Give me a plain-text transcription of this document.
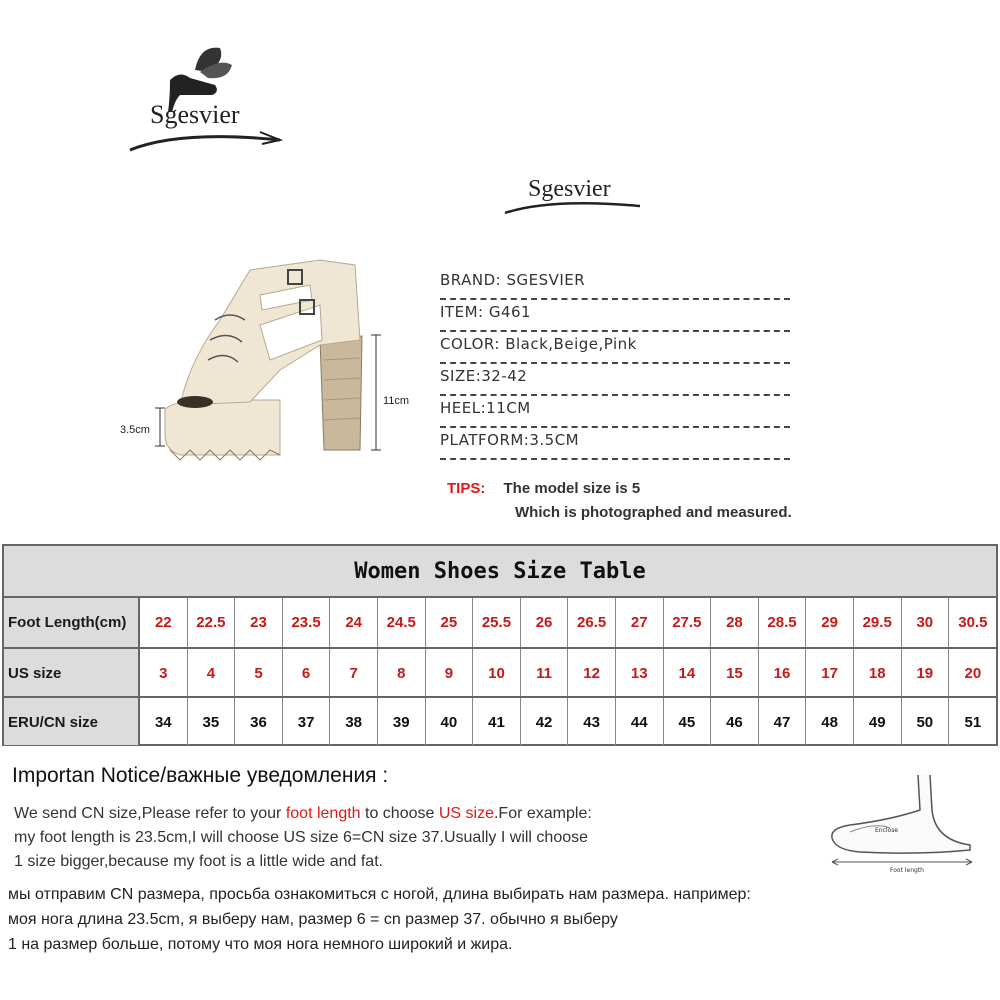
Sgesvier
Sgesvier
3.5cm
11cm
BRAND: SGESVIER
ITEM: G461
COLOR: Black,Beige,Pink
SIZE:32-42
HEEL:11CM
PLATFORM:3.5CM
TIPS: The model size is 5
Which is photographed and measured.
Women Shoes Size Table
Foot Length(cm)	22	22.5	23	23.5	24	24.5	25	25.5	26	26.5	27	27.5	28	28.5	29	29.5	30	30.5
US size	3	4	5	6	7	8	9	10	11	12	13	14	15	16	17	18	19	20
ERU/CN size	34	35	36	37	38	39	40	41	42	43	44	45	46	47	48	49	50	51
Importan Notice/важные уведомления :
We send CN size,Please refer to your foot length to choose US size.For example:
my foot length is 23.5cm,I will choose US size 6=CN size 37.Usually I will choose
1 size bigger,because my foot is a little wide and fat.
мы отправим CN размера, просьба ознакомиться с ногой, длина выбирать нам размера. например:
моя нога длина 23.5cm, я выберу нам, размер 6 = cn размер 37. обычно я выберу
1 на размер больше, потому что моя нога немного широкий и жира.
Enclose
Foot length
